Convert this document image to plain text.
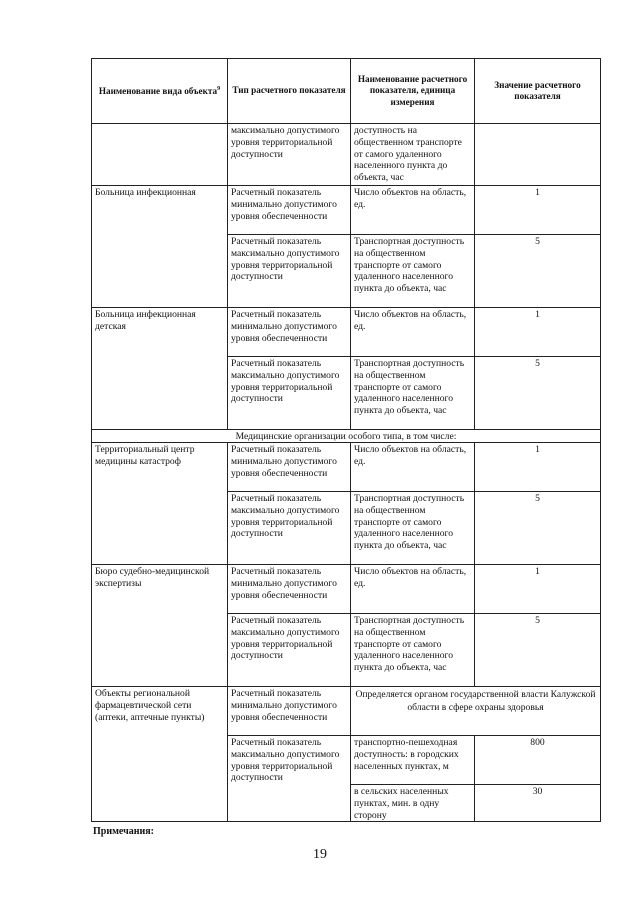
Наименование вида объекта$^9$	Тип расчетного показателя	Наименование расчетного показателя, единица измерения	Значение расчетного показателя
	максимально допустимого уровня территориальной доступности	доступность на общественном транспорте от самого удаленного населенного пункта до объекта, час	
Больница инфекционная	Расчетный показатель минимально допустимого уровня обеспеченности	Число объектов на область, ед.	1
	Расчетный показатель максимально допустимого уровня территориальной доступности	Транспортная доступность на общественном транспорте от самого удаленного населенного пункта до объекта, час	5
Больница инфекционная детская	Расчетный показатель минимально допустимого уровня обеспеченности	Число объектов на область, ед.	1
	Расчетный показатель максимально допустимого уровня территориальной доступности	Транспортная доступность на общественном транспорте от самого удаленного населенного пункта до объекта, час	5
Медицинские организации особого типа, в том числе:			
Территориальный центр медицины катастроф	Расчетный показатель минимально допустимого уровня обеспеченности	Число объектов на область, ед.	1
	Расчетный показатель максимально допустимого уровня территориальной доступности	Транспортная доступность на общественном транспорте от самого удаленного населенного пункта до объекта, час	5
Бюро судебно-медицинской экспертизы	Расчетный показатель минимально допустимого уровня обеспеченности	Число объектов на область, ед.	1
	Расчетный показатель максимально допустимого уровня территориальной доступности	Транспортная доступность на общественном транспорте от самого удаленного населенного пункта до объекта, час	5
Объекты региональной фармацевтической сети (аптеки, аптечные пункты)	Расчетный показатель минимально допустимого уровня обеспеченности	Определяется органом государственной власти Калужской области в сфере охраны здоровья	
	Расчетный показатель максимально допустимого уровня территориальной доступности	транспортно-пешеходная доступность: в городских населенных пунктах, м	800
		в сельских населенных пунктах, мин. в одну сторону	30
Примечания:
19
